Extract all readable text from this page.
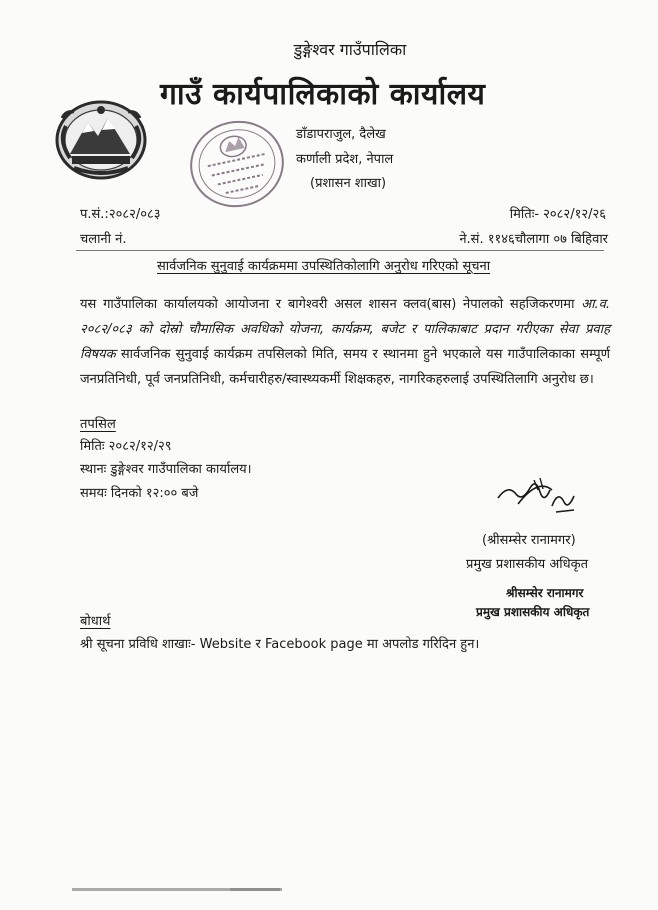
डुङ्गेश्वर गाउँपालिका
गाउँ कार्यपालिकाको कार्यालय
डाँडापराजुल, दैलेख
कर्णाली प्रदेश, नेपाल
(प्रशासन शाखा)
प.सं.:२०८२/०८३	मितिः- २०८२/१२/२६
चलानी नं.	ने.सं. ११४६चौलागा ०७ बिहिवार
सार्वजनिक सुनुवाई कार्यक्रममा उपस्थितिकोलागि अनुरोध गरिएको सूचना

यस गाउँपालिका कार्यालयको आयोजना र बागेश्वरी असल शासन क्लव(बास) नेपालको सहजिकरणमा आ.व. २०८२/०८३ को दोस्रो चौमासिक अवधिको योजना, कार्यक्रम, बजेट र पालिकाबाट प्रदान गरीएका सेवा प्रवाह विषयक सार्वजनिक सुनुवाई कार्यक्रम तपसिलको मिति, समय र स्थानमा हुने भएकाले यस गाउँपालिकाका सम्पूर्ण जनप्रतिनिधी, पूर्व जनप्रतिनिधी, कर्मचारीहरु/स्वास्थ्यकर्मी शिक्षकहरु, नागरिकहरुलाई उपस्थितिलागि अनुरोध छ।

तपसिल
मितिः २०८२/१२/२९
स्थानः डुङ्गेश्वर गाउँपालिका कार्यालय।
समयः दिनको १२:०० बजे
(श्रीसम्सेर रानामगर)
प्रमुख प्रशासकीय अधिकृत
श्रीसम्सेर रानामगर
प्रमुख प्रशासकीय अधिकृत
बोधार्थ
श्री सूचना प्रविधि शाखाः- Website र Facebook page मा अपलोड गरिदिन हुन।
